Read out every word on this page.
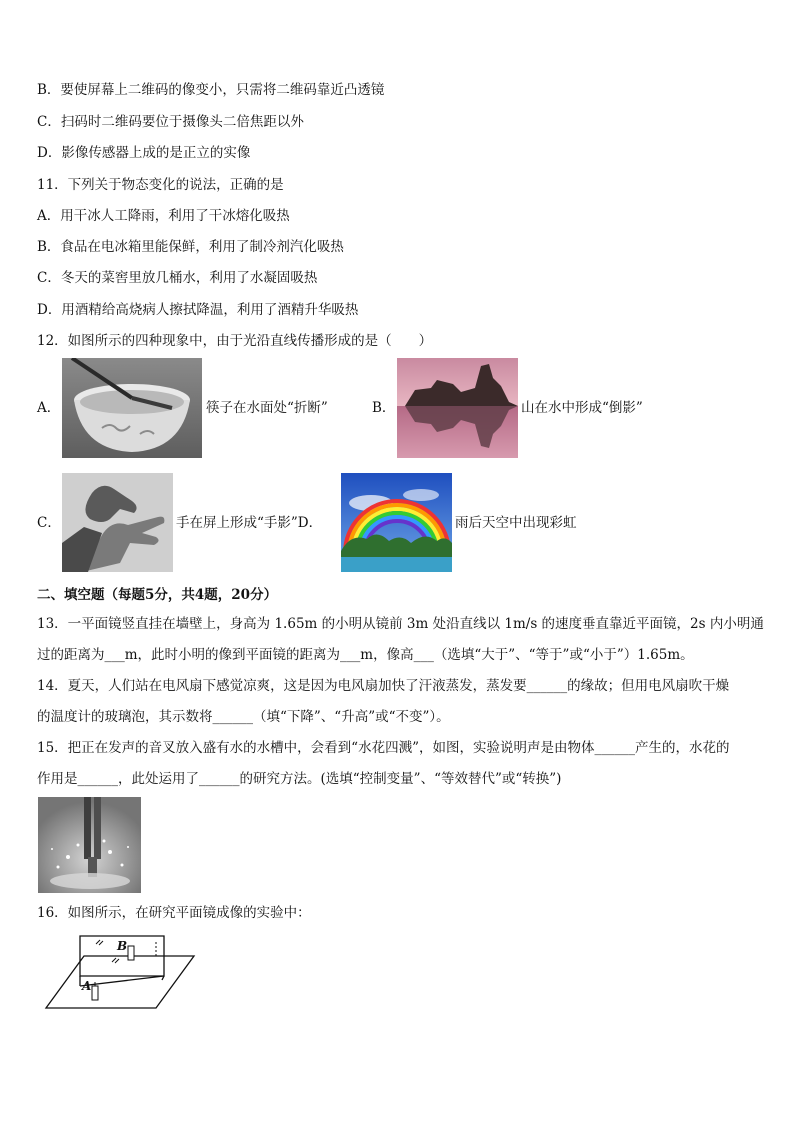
B．要使屏幕上二维码的像变小，只需将二维码靠近凸透镜
C．扫码时二维码要位于摄像头二倍焦距以外
D．影像传感器上成的是正立的实像
11．下列关于物态变化的说法，正确的是
A．用干冰人工降雨，利用了干冰熔化吸热
B．食品在电冰箱里能保鲜，利用了制冷剂汽化吸热
C．冬天的菜窖里放几桶水，利用了水凝固吸热
D．用酒精给高烧病人擦拭降温，利用了酒精升华吸热
12．如图所示的四种现象中，由于光沿直线传播形成的是（　　）
A．	筷子在水面处“折断”	B．	山在水中形成“倒影”
C．	手在屏上形成“手影”D．	雨后天空中出现彩虹
二、填空题（每题5分，共4题，20分）
13．一平面镜竖直挂在墙壁上，身高为 1.65m 的小明从镜前 3m 处沿直线以 1m/s 的速度垂直靠近平面镜，2s 内小明通
过的距离为___m，此时小明的像到平面镜的距离为___m，像高___（选填“大于”、“等于”或“小于”）1.65m。
14．夏天，人们站在电风扇下感觉凉爽，这是因为电风扇加快了汗液蒸发，蒸发要______的缘故；但用电风扇吹干燥
的温度计的玻璃泡，其示数将______（填“下降”、“升高”或“不变”）。
15．把正在发声的音叉放入盛有水的水槽中，会看到“水花四溅”，如图，实验说明声是由物体______产生的，水花的
作用是______，此处运用了______的研究方法。(选填“控制变量”、“等效替代”或“转换”)
16．如图所示，在研究平面镜成像的实验中：
B
A
